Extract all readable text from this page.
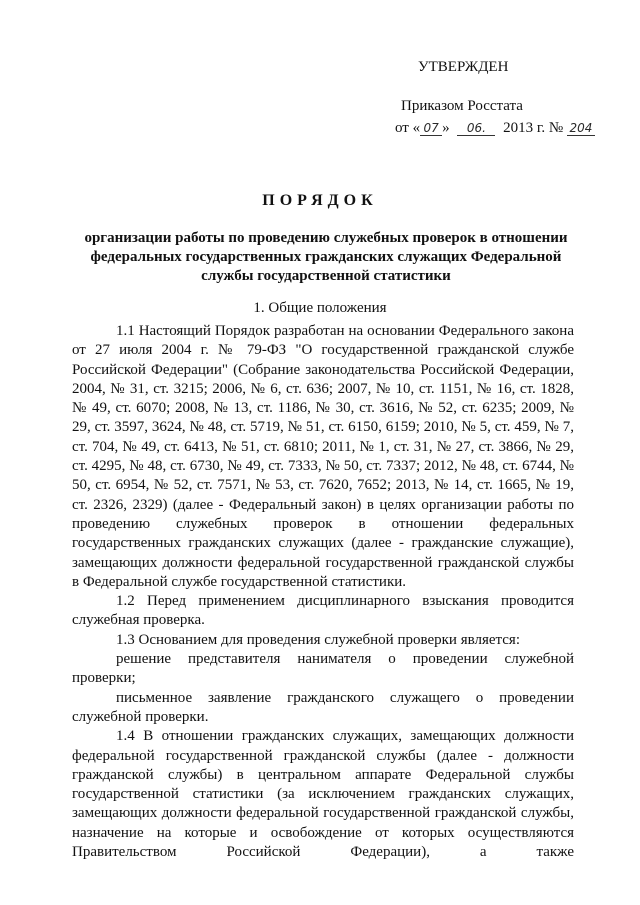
УТВЕРЖДЕН
Приказом Росстата
от « 07 » 06. 2013 г. № 204
ПОРЯДОК
организации работы по проведению служебных проверок в отношении федеральных государственных гражданских служащих Федеральной службы государственной статистики
1. Общие положения

1.1 Настоящий Порядок разработан на основании Федерального закона от 27 июля 2004 г. № 79-ФЗ "О государственной гражданской службе Российской Федерации" (Собрание законодательства Российской Федерации, 2004, № 31, ст. 3215; 2006, № 6, ст. 636; 2007, № 10, ст. 1151, № 16, ст. 1828, № 49, ст. 6070; 2008, № 13, ст. 1186, № 30, ст. 3616, № 52, ст. 6235; 2009, № 29, ст. 3597, 3624, № 48, ст. 5719, № 51, ст. 6150, 6159; 2010, № 5, ст. 459, № 7, ст. 704, № 49, ст. 6413, № 51, ст. 6810; 2011, № 1, ст. 31, № 27, ст. 3866, № 29, ст. 4295, № 48, ст. 6730, № 49, ст. 7333, № 50, ст. 7337; 2012, № 48, ст. 6744, № 50, ст. 6954, № 52, ст. 7571, № 53, ст. 7620, 7652; 2013, № 14, ст. 1665, № 19, ст. 2326, 2329) (далее - Федеральный закон) в целях организации работы по проведению служебных проверок в отношении федеральных государственных гражданских служащих (далее - гражданские служащие), замещающих должности федеральной государственной гражданской службы в Федеральной службе государственной статистики.

1.2 Перед применением дисциплинарного взыскания проводится служебная проверка.

1.3 Основанием для проведения служебной проверки является:

решение представителя нанимателя о проведении служебной проверки;

письменное заявление гражданского служащего о проведении служебной проверки.

1.4 В отношении гражданских служащих, замещающих должности федеральной государственной гражданской службы (далее - должности гражданской службы) в центральном аппарате Федеральной службы государственной статистики (за исключением гражданских служащих, замещающих должности федеральной государственной гражданской службы, назначение на которые и освобождение от которых осуществляются Правительством Российской Федерации), а также
